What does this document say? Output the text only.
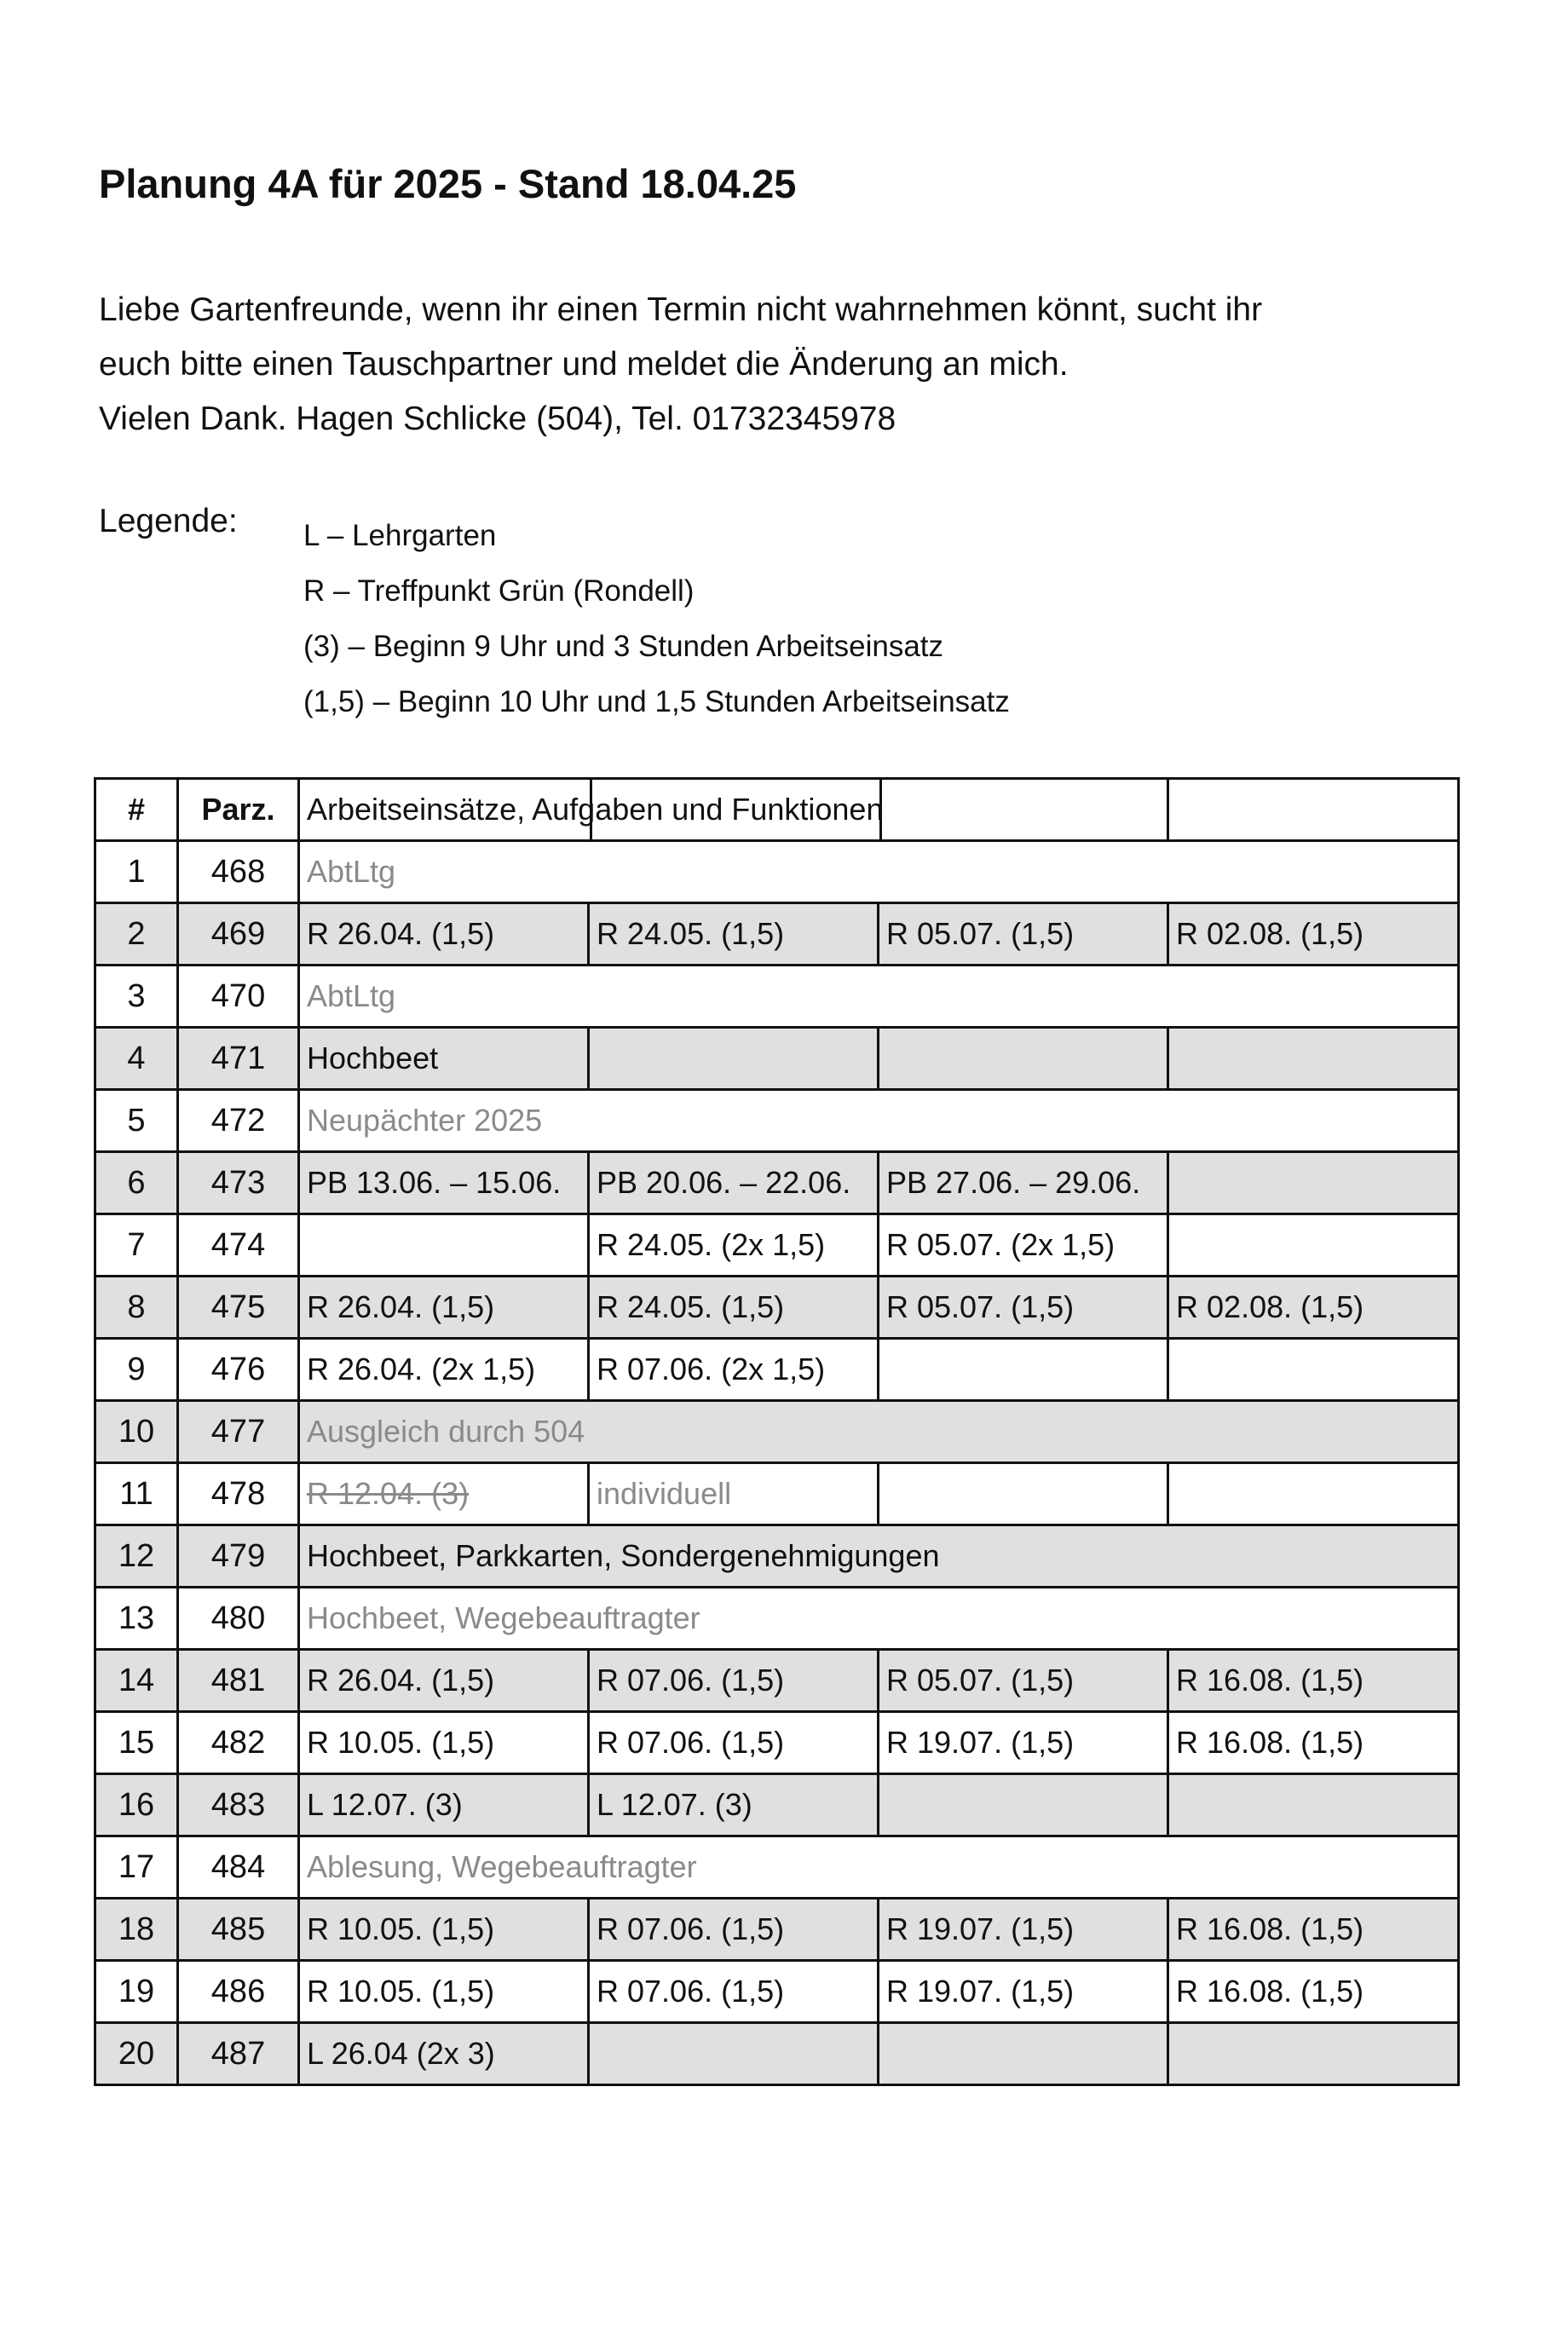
Planung 4A für 2025 - Stand 18.04.25
Liebe Gartenfreunde, wenn ihr einen Termin nicht wahrnehmen könnt, sucht ihr
euch bitte einen Tauschpartner und meldet die Änderung an mich.
Vielen Dank. Hagen Schlicke (504), Tel. 01732345978
Legende: L – Lehrgarten
R – Treffpunkt Grün (Rondell)
(3) – Beginn 9 Uhr und 3 Stunden Arbeitseinsatz
(1,5) – Beginn 10 Uhr und 1,5 Stunden Arbeitseinsatz
#	Parz.	Arbeitseinsätze, Aufgaben und Funktionen			

1	468	AbtLtg			
2	469	R 26.04. (1,5)	R 24.05. (1,5)	R 05.07. (1,5)	R 02.08. (1,5)
3	470	AbtLtg			
4	471	Hochbeet			
5	472	Neupächter 2025			
6	473	PB 13.06. – 15.06.	PB 20.06. – 22.06.	PB 27.06. – 29.06.	
7	474		R 24.05. (2x 1,5)	R 05.07. (2x 1,5)	
8	475	R 26.04. (1,5)	R 24.05. (1,5)	R 05.07. (1,5)	R 02.08. (1,5)
9	476	R 26.04. (2x 1,5)	R 07.06. (2x 1,5)		
10	477	Ausgleich durch 504			
11	478	R 12.04. (3)	individuell		
12	479	Hochbeet, Parkkarten, Sondergenehmigungen			
13	480	Hochbeet, Wegebeauftragter			
14	481	R 26.04. (1,5)	R 07.06. (1,5)	R 05.07. (1,5)	R 16.08. (1,5)
15	482	R 10.05. (1,5)	R 07.06. (1,5)	R 19.07. (1,5)	R 16.08. (1,5)
16	483	L 12.07. (3)	L 12.07. (3)		
17	484	Ablesung, Wegebeauftragter			
18	485	R 10.05. (1,5)	R 07.06. (1,5)	R 19.07. (1,5)	R 16.08. (1,5)
19	486	R 10.05. (1,5)	R 07.06. (1,5)	R 19.07. (1,5)	R 16.08. (1,5)
20	487	L 26.04 (2x 3)			
